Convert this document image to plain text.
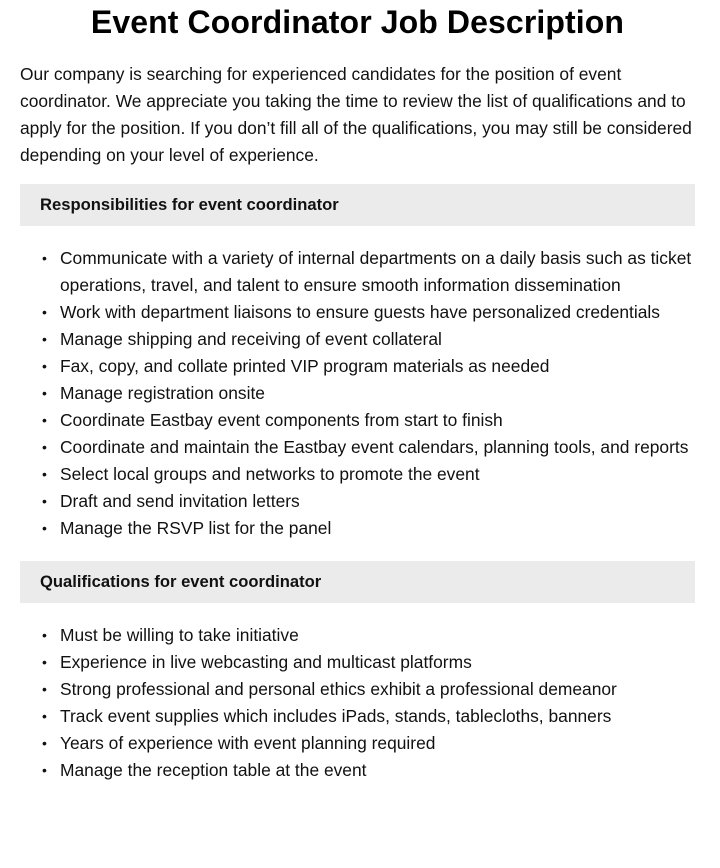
Event Coordinator Job Description

Our company is searching for experienced candidates for the position of event coordinator. We appreciate you taking the time to review the list of qualifications and to apply for the position. If you don’t fill all of the qualifications, you may still be considered depending on your level of experience.

Responsibilities for event coordinator
• Communicate with a variety of internal departments on a daily basis such as ticket operations, travel, and talent to ensure smooth information dissemination
• Work with department liaisons to ensure guests have personalized credentials
• Manage shipping and receiving of event collateral
• Fax, copy, and collate printed VIP program materials as needed
• Manage registration onsite
• Coordinate Eastbay event components from start to finish
• Coordinate and maintain the Eastbay event calendars, planning tools, and reports
• Select local groups and networks to promote the event
• Draft and send invitation letters
• Manage the RSVP list for the panel
Qualifications for event coordinator
• Must be willing to take initiative
• Experience in live webcasting and multicast platforms
• Strong professional and personal ethics exhibit a professional demeanor
• Track event supplies which includes iPads, stands, tablecloths, banners
• Years of experience with event planning required
• Manage the reception table at the event
